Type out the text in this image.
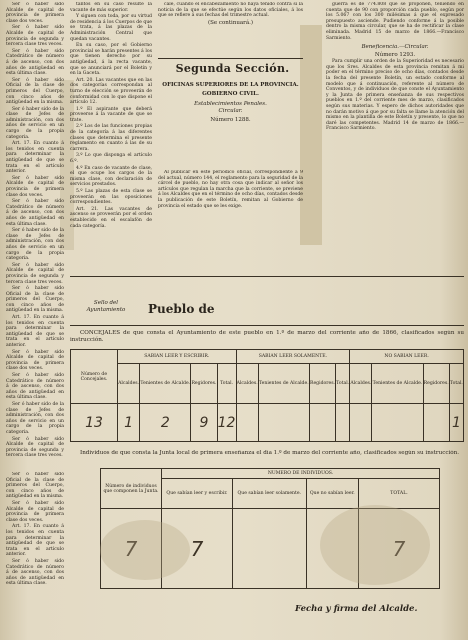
Ser ó haber sido Alcalde de capital de provincia de primera clase dos veces.

Ser ó haber sido Alcalde de capital de provincia de segunda y tercera clase tres veces.

Ser ó haber sido Catedrático de número á de ascenso, con dos años de antigüedad en esta última clase.

Ser ó haber sido Oficial de la clase de primeros del Cuerpo, con cinco años de antigüedad en la misma.

Ser ó haber sido de la clase de Jefes de administración, con dos años de servicio en un cargo de la propia categoria.

Art. 17. En cuanto á los tenidos en cuenta para determinar la antigüedad de que se trata en el artículo anterior.

Ser ó haber sido Alcalde de capital de provincia de primera clase dos veces.

Ser ó haber sido Catedrático de número á de ascenso, con dos años de antigüedad en esta última clase.

Ser ó haber sido de la clase de Jefes de administración, con dos años de servicio en un cargo de la propia categoria.

Ser ó haber sido Alcalde de capital de provincia de segunda y tercera clase tres veces.

Ser ó haber sido Oficial de la clase de primeros del Cuerpo, con cinco años de antigüedad en la misma.

Art. 17. En cuanto á los tenidos en cuenta para determinar la antigüedad de que se trata en el artículo anterior.

Ser ó haber sido Alcalde de capital de provincia de primera clase dos veces.

Ser ó haber sido Catedrático de número á de ascenso, con dos años de antigüedad en esta última clase.

Ser ó haber sido de la clase de Jefes de administración, con dos años de servicio en un cargo de la propia categoria.

Ser ó haber sido Alcalde de capital de provincia de segunda y tercera clase tres veces.

tantos en su caso resulte la vacante de más superior.

Y siguen con toda, por su virtud de residencia á los Cuerpos de que se trata, á las plazas de la Administración Central que quedan vacantes.

En su caso, por el Gobierno provincial se harán presentes á los que tienen derecho por su antigüedad, á la recta vacante, que se anunciará por el Boletín y en la Gaceta.

Art. 20. Las vacantes que en las dos categorías correspondan al turno de elección se proveerán de conformidad con lo que dispone el artículo 12.

1.º El aspirante que deberá proveerse á la vacante de que se trate.

2.º Los de las funciones propias de la categoría á las diferentes clases que determina el presente reglamento en cuanto á las de su carrera.

3.º Lo que disponga el artículo 6.º.

4.º En caso de vacante de clase, el que ocupe los cargos de la misma clase, con declaración de servicios prestados.

5.º Las plazas de esta clase se proveerán en las oposiciones correspondientes.

Art. 21. Las vacantes de ascenso se proveerán por el orden establecido en el escalafón de cada categoría.

cale, cuando el encabezamiento no haya tenido contra si la noticia de la que se efectúe según los datos oficiales, á los que se refiere á sus fechas del trimestre actual.

(Se continuará.)

Segunda Sección.
OFICINAS SUPERIORES DE LA PROVINCIA.
GOBIERNO CIVIL.
Establecimientos Penales.
Circular.
Número 1288.

Al publicar en este periódico oficial, correspondiente á 9 del actual, número 144, el reglamento para la seguridad de la cárcel de pueblo, no hay otra cosa que indicar al señor los artículos que regulan la marcha que la corriente, se previene á los Alcaldes que en el término de ocho días, contados desde la publicación de este Boletín, remitan al Gobierno de provincia el estado que se les exige.

guerra es de 774.808 que se proponen, teniendo en cuenta que de 90 con proporción cada pueblo, según por los 5.067 con los 300 milésimas á que el expresado presupuesto asciende. Pudiendo conforme á la posible dentro la misma circular, que se ha de rectificar la clase eliminada. Madrid 15 de marzo de 1866.—Francisco Sarmiento.

Beneficencia.—Circular.

Número 1293.

Para cumplir una orden de la Superioridad es necesario que los Sres. Alcaldes de esta provincia remitan á mi poder en el término preciso de ocho días, contados desde la fecha del presente Boletín, un estado conforme al modelo que á continuación, referente al número de Conventos, y de individuos de que conste el Ayuntamiento y la Junta de primera enseñanza de sus respectivos pueblos en 1.º del corriente mes de marzo, clasificados según sus materias. Y espero de dichos autoridades que no darán motivo á que por su falta se llame la atención del mismo en la plantilla de este Boletín y presente, lo que no daré las competentes. Madrid 14 de marzo de 1866.—Francisco Sarmiento.

Pueblo de
Sello del Ayuntamiento
CONCEJALES de que consta el Ayuntamiento de este pueblo en 1.º de marzo del corriente año de 1866, clasificados según su instrucción.
Número de Concejales.	SABIAN LEER Y ESCRIBIR.				SABIAN LEER SOLAMENTE.				NO SABIAN LEER.			
	Alcaldes.	Tenientes de Alcalde.	Regidores.	Total.	Alcaldes.	Tenientes de Alcalde.	Regidores.	Total.	Alcaldes.	Tenientes de Alcalde.	Regidores.	Total.
13	1	2	9	12								1
Individuos de que consta la Junta local de primera enseñanza el día 1.º de marzo del corriente año, clasificados según su instrucción.
Número de individuos que componen la Junta.	NUMERO DE INDIVIDUOS.			
	Que sabían leer y escribir.	Que sabían leer solamente.	Que no sabían leer.	TOTAL.
7	7			7
Fecha y firma del Alcalde.

Ser ó haber sido Oficial de la clase de primeros del Cuerpo, con cinco años de antigüedad en la misma.

Ser ó haber sido Alcalde de capital de provincia de primera clase dos veces.

Art. 17. En cuanto á los tenidos en cuenta para determinar la antigüedad de que se trata en el artículo anterior.

Ser ó haber sido Catedrático de número á de ascenso, con dos años de antigüedad en esta última clase.
